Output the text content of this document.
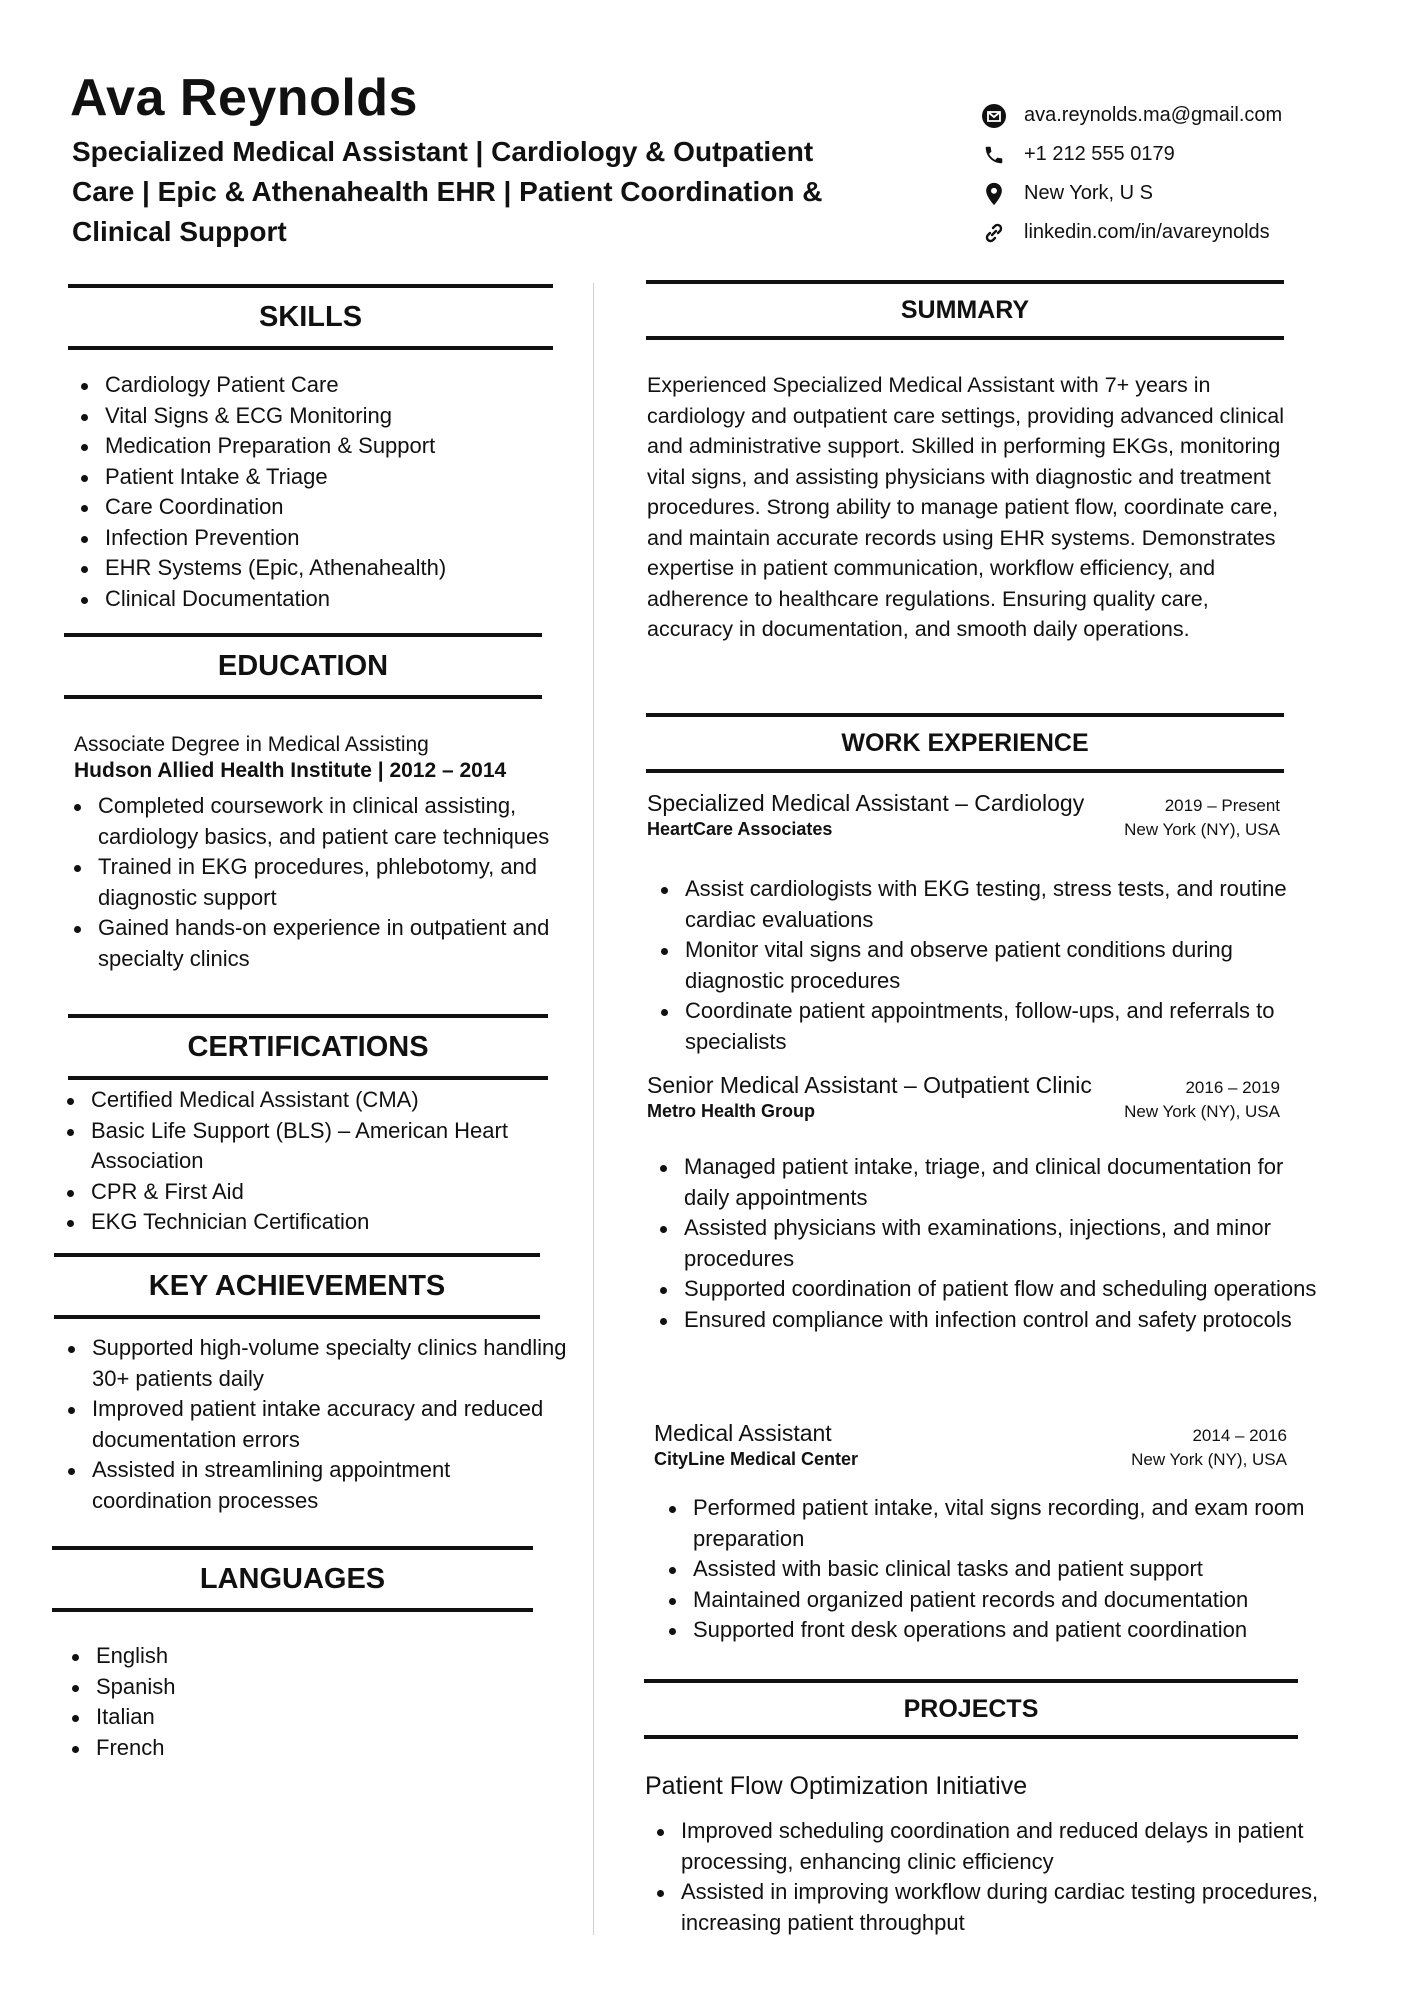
Ava Reynolds
Specialized Medical Assistant | Cardiology & Outpatient
Care | Epic & Athenahealth EHR | Patient Coordination &
Clinical Support
ava.reynolds.ma@gmail.com
+1 212 555 0179
New York, U S
linkedin.com/in/avareynolds
SKILLS
Cardiology Patient Care
Vital Signs & ECG Monitoring
Medication Preparation & Support
Patient Intake & Triage
Care Coordination
Infection Prevention
EHR Systems (Epic, Athenahealth)
Clinical Documentation
EDUCATION
Associate Degree in Medical Assisting
Hudson Allied Health Institute | 2012 – 2014
Completed coursework in clinical assisting, cardiology basics, and patient care techniques
Trained in EKG procedures, phlebotomy, and diagnostic support
Gained hands-on experience in outpatient and specialty clinics
CERTIFICATIONS
Certified Medical Assistant (CMA)
Basic Life Support (BLS) – American Heart Association
CPR & First Aid
EKG Technician Certification
KEY ACHIEVEMENTS
Supported high-volume specialty clinics handling 30+ patients daily
Improved patient intake accuracy and reduced documentation errors
Assisted in streamlining appointment coordination processes
LANGUAGES
English
Spanish
Italian
French
SUMMARY

Experienced Specialized Medical Assistant with 7+ years in cardiology and outpatient care settings, providing advanced clinical and administrative support. Skilled in performing EKGs, monitoring vital signs, and assisting physicians with diagnostic and treatment procedures. Strong ability to manage patient flow, coordinate care, and maintain accurate records using EHR systems. Demonstrates expertise in patient communication, workflow efficiency, and adherence to healthcare regulations. Ensuring quality care, accuracy in documentation, and smooth daily operations.

WORK EXPERIENCE
Specialized Medical Assistant – Cardiology	2019 – Present
HeartCare Associates	New York (NY), USA
Assist cardiologists with EKG testing, stress tests, and routine cardiac evaluations
Monitor vital signs and observe patient conditions during diagnostic procedures
Coordinate patient appointments, follow-ups, and referrals to specialists
Senior Medical Assistant – Outpatient Clinic	2016 – 2019
Metro Health Group	New York (NY), USA
Managed patient intake, triage, and clinical documentation for daily appointments
Assisted physicians with examinations, injections, and minor procedures
Supported coordination of patient flow and scheduling operations
Ensured compliance with infection control and safety protocols
Medical Assistant	2014 – 2016
CityLine Medical Center	New York (NY), USA
Performed patient intake, vital signs recording, and exam room preparation
Assisted with basic clinical tasks and patient support
Maintained organized patient records and documentation
Supported front desk operations and patient coordination
PROJECTS
Patient Flow Optimization Initiative
Improved scheduling coordination and reduced delays in patient processing, enhancing clinic efficiency
Assisted in improving workflow during cardiac testing procedures, increasing patient throughput
